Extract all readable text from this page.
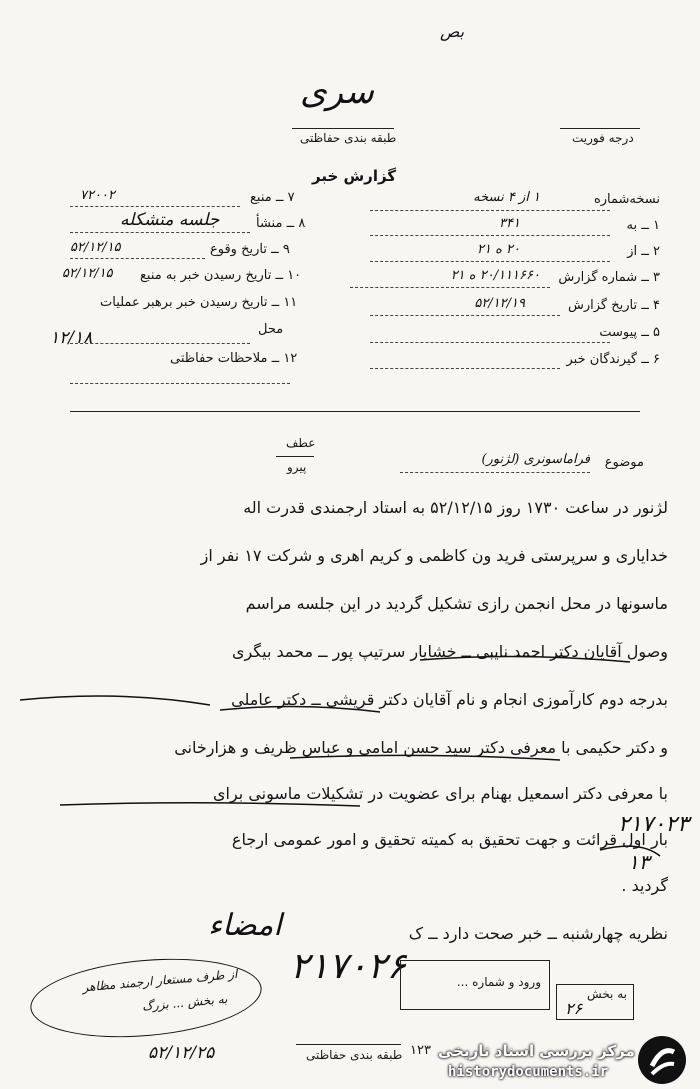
بص
سری
طبقه بندی حفاظتی	درجه فوریت
گزارش خبر
نسخه‌شماره
۱ از ۴ نسخه
۱ ــ به
۳۴۱
۲ ــ از
۲۰ ه ۲۱
۳ ــ شماره گزارش
۲۰/۱۱۱۶۶۰ ه ۲۱
۴ ــ تاریخ گزارش
۵۲/۱۲/۱۹
۵ ــ پیوست
۶ ــ گیرندگان خبر
۷ ــ منبع
۷۲۰۰۲
۸ ــ منشأ
جلسه متشکله
۹ ــ تاریخ وقوع
۵۲/۱۲/۱۵
۱۰ ــ تاریخ رسیدن خبر به منبع
۵۲/۱۲/۱۵
۱۱ ــ تاریخ رسیدن خبر برهبر عملیات
محل
۱۲/۱۸
۱۲ ــ ملاحظات حفاظتی
عطف
پیرو	موضوع
فراماسونری (لژنور)
لژنور در ساعت ۱۷۳۰ روز ۵۲/۱۲/۱۵ به استاد ارجمندی قدرت اله
خدایاری و سرپرستی فرید ون کاظمی و کریم اهری و شرکت ۱۷ نفر از
ماسونها در محل انجمن رازی تشکیل گردید در این جلسه مراسم
وصول آقایان دکتر احمد نایبی ــ خشایار سرتیپ پور ــ محمد بیگری
بدرجه دوم کارآموزی انجام و نام آقایان دکتر قریشی ــ دکتر عاملی
و دکتر حکیمی با معرفی دکتر سید حسن امامی و عباس ظریف و هزارخانی
با معرفی دکتر اسمعیل بهنام برای عضویت در تشکیلات ماسونی برای
بار اول قرائت و جهت تحقیق به کمیته تحقیق و امور عمومی ارجاع
گردید .
نظریه چهارشنبه ــ خبر صحت دارد ــ ک
۲۱۷۰۲۳
۱۳
امضاء
۲۱۷۰۲۶	ورود و شماره ...
به بخش
۲۶
از طرف مستعار ارجمند مظاهر
به بخش ... بزرگ
۵۲/۱۲/۲۵	طبقه بندی حفاظتی ۱۲۳ مرکز بررسی اسناد تاریخی
historydocuments.ir
